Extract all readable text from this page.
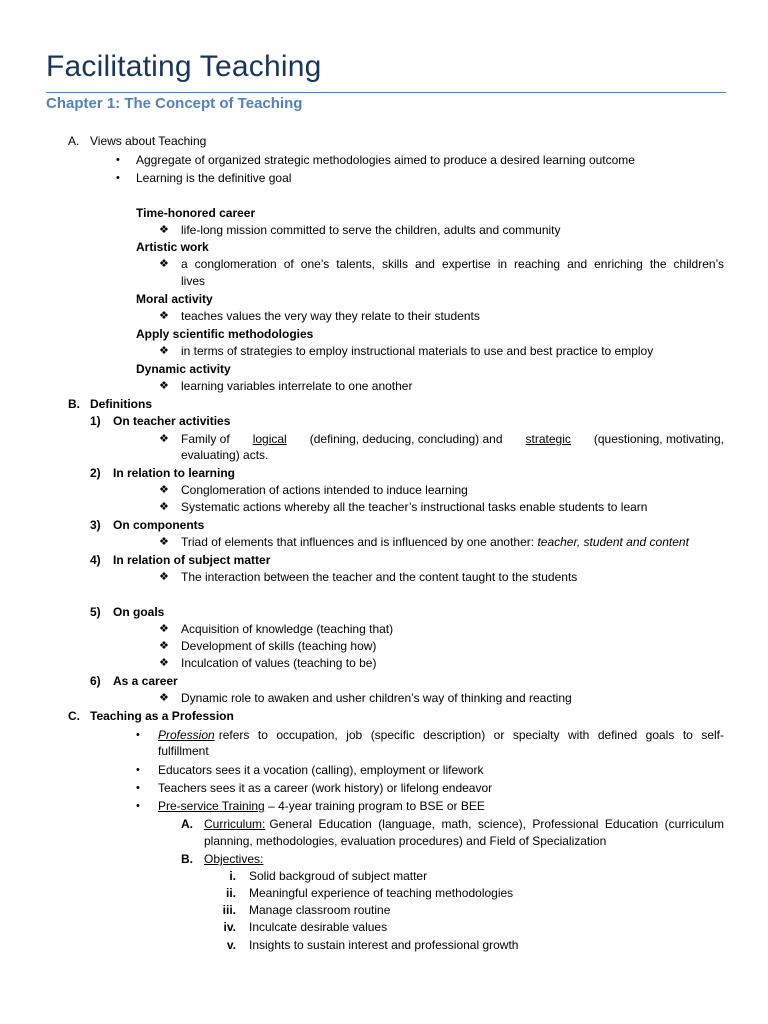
Facilitating Teaching
Chapter 1: The Concept of Teaching
A. Views about Teaching
• Aggregate of organized strategic methodologies aimed to produce a desired learning outcome
• Learning is the definitive goal
Time-honored career
❖ life-long mission committed to serve the children, adults and community
Artistic work
❖ a conglomeration of one’s talents, skills and expertise in reaching and enriching the children’s
lives
Moral activity
❖ teaches values the very way they relate to their students
Apply scientific methodologies
❖ in terms of strategies to employ instructional materials to use and best practice to employ
Dynamic activity
❖ learning variables interrelate to one another
B. Definitions
1) On teacher activities
❖ Family of logical (defining, deducing, concluding) and strategic (questioning, motivating,
evaluating) acts.
2) In relation to learning
❖ Conglomeration of actions intended to induce learning
❖ Systematic actions whereby all the teacher’s instructional tasks enable students to learn
3) On components
❖ Triad of elements that influences and is influenced by one another: teacher, student and content
4) In relation of subject matter
❖ The interaction between the teacher and the content taught to the students
5) On goals
❖ Acquisition of knowledge (teaching that)
❖ Development of skills (teaching how)
❖ Inculcation of values (teaching to be)
6) As a career
❖ Dynamic role to awaken and usher children’s way of thinking and reacting
C. Teaching as a Profession
• Profession refers to occupation, job (specific description) or specialty with defined goals to self-
fulfillment
• Educators sees it a vocation (calling), employment or lifework
• Teachers sees it as a career (work history) or lifelong endeavor
• Pre-service Training – 4-year training program to BSE or BEE
A. Curriculum: General Education (language, math, science), Professional Education (curriculum
planning, methodologies, evaluation procedures) and Field of Specialization
B. Objectives:
i. Solid backgroud of subject matter
ii. Meaningful experience of teaching methodologies
iii. Manage classroom routine
iv. Inculcate desirable values
v. Insights to sustain interest and professional growth
